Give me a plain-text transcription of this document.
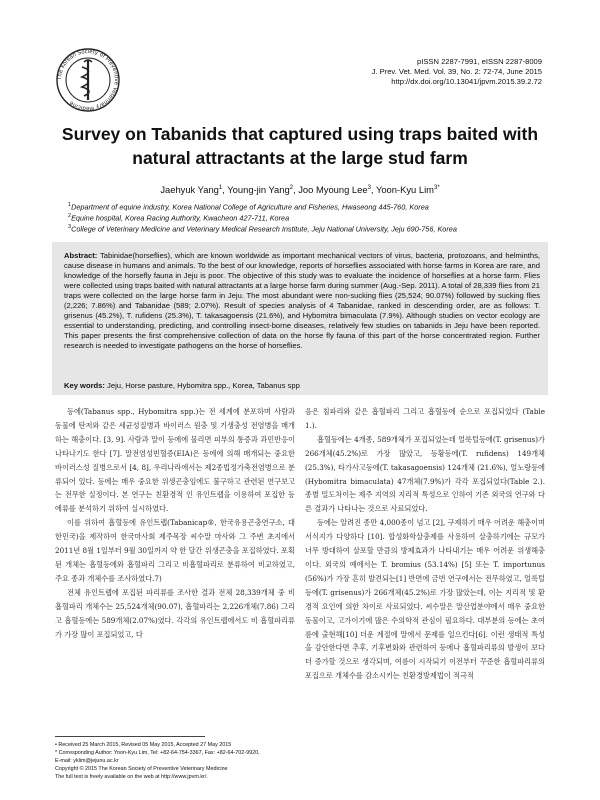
The Korean Society of Preventive Veterinary Medicine
pISSN 2287-7991, eISSN 2287-8009
J. Prev. Vet. Med. Vol. 39, No. 2: 72-74, June 2015
http://dx.doi.org/10.13041/jpvm.2015.39.2.72
Survey on Tabanids that captured using traps baited with
natural attractants at the large stud farm
Jaehyuk Yang$^1$, Young-jin Yang$^2$, Joo Myoung Lee$^3$, Yoon-Kyu Lim$^{3*}$
$^1$Department of equine industry, Korea National College of Agriculture and Fisheries, Hwaseong 445-760, Korea
$^2$Equine hospital, Korea Racing Authority, Kwacheon 427-711, Korea
$^3$College of Veterinary Medicine and Veterinary Medical Research Institute, Jeju National University, Jeju 690-756, Korea
Abstract: Tabinidae(horseflies), which are known worldwide as important mechanical vectors of virus, bacteria, protozoans, and helminths, cause disease in humans and animals. To the best of our knowledge, reports of horseflies associated with horse farms in Korea are rare, and knowledge of the horsefly fauna in Jeju is poor. The objective of this study was to evaluate the incidence of horseflies at a horse farm. Flies were collected using traps baited with natural attractants at a large horse farm during summer (Aug.-Sep. 2011). A total of 28,339 flies from 21 traps were collected on the large horse farm in Jeju. The most abundant were non-sucking flies (25,524; 90.07%) followed by sucking flies (2,226; 7.86%) and Tabanidae (589; 2.07%). Result of species analysis of 4 Tabanidae, ranked in descending order, are as follows: T. grisenus (45.2%), T. rufidens (25.3%), T. takasagoensis (21.6%), and Hybomitra bimaculata (7.9%). Although studies on vector ecology are essential to understanding, predicting, and controlling insect-borne diseases, relatively few studies on tabanids in Jeju have been reported. This paper presents the first comprehensive collection of data on the horse fly fauna of this part of the horse concentrated region. Further research is needed to investigate pathogens on the horse of horseflies.
Key words: Jeju, Horse pasture, Hybomitra spp., Korea, Tabanus spp

등에(Tabanus spp., Hybomitra spp.)는 전 세계에 분포하며 사람과 동물에 탄저와 같은 세균성질병과 바이러스 원충 및 기생충성 전염병을 매개하는 해충이다. [3, 9]. 사람과 말이 등에에 물리면 피부의 통증과 과민반응이 나타나기도 한다 [7]. 말전염성빈혈증(EIA)은 등에에 의해 매개되는 중요한 바이러스성 질병으로서 [4, 8], 우리나라에서는 제2종법정가축전염병으로 분류되어 있다. 등에는 매우 중요한 위생곤충임에도 불구하고 관련된 연구보고는 전무한 실정이다. 본 연구는 친환경적 인 유인트랩을 이용하여 포집한 등에류를 분석하기 위하여 실시하였다.

이를 위하여 흡혈등에 유인트랩(Tabanicap®, 한국유용곤충연구소, 대한민국)을 제작하여 한국마사회 제주목장 씨수말 마사와 그 주변 초지에서 2011년 8월 1일부터 9월 30일까지 약 한 달간 위생곤충을 포집하였다. 포획된 개체는 흡혈등에와 흡혈파리 그리고 비흡혈파리로 분류하여 비교하였고, 주요 종과 개체수를 조사하였다.7)

전체 유인트랩에 포집된 파리류를 조사한 결과 전체 28,339개체 중 비 흡혈파리 개체수는 25,524개체(90.07), 흡혈파리는 2,226개체(7.86) 그리고 흡혈등에는 589개체(2.07%)였다. 각각의 유인트랩에서도 비 흡혈파리류가 가장 많이 포집되었고, 다

음은 침파리와 같은 흡혈파리 그리고 흡혈등에 순으로 포집되었다 (Table 1.).

흡혈등에는 4개종, 589개체가 포집되었는데 얼룩털등에(T. grisenus)가 266개체(45.2%)로 가장 많았고, 등황등에(T. rufidens) 149개체 (25.3%), 타가사고등에(T. takasagoensis) 124개체 (21.6%), 얼노랑등에(Hybomitra bimaculata) 47개체(7.9%)가 각각 포집되었다(Table 2.). 종별 밀도차이는 제주 지역의 지리적 특성으로 인하여 기존 외국의 연구와 다른 결과가 나타나는 것으로 사료되었다.

등에는 알려진 종만 4,000종이 넘고 [2], 구제하기 매우 어려운 해충이며 서식지가 다양하다 [10]. 합성화학살충제를 사용하여 살충하기에는 규모가 너무 방대하여 살포할 만큼의 방제효과가 나타내기는 매우 어려운 위생해충이다. 외국의 예에서는 T. bromius (53.14%) [5] 또는 T. importunus (56%)가 가장 흔히 발견되는[1] 반면에 금번 연구에서는 전무하였고, 얼룩털등에(T. grisenus)가 266개체(45.2%)로 가장 많았는데, 이는 지리적 및 환경적 요인에 의한 차이로 사료되었다. 씨수말은 말산업분야에서 매우 중요한 동물이고, 고가이기에 많은 수의학적 관심이 필요하다. 대부분의 등에는 초여름에 출현해[10] 더운 계절에 말에서 문제를 일으킨다[6]. 이런 생태적 특성을 감안한다면 추후, 기후변화와 관련하여 등에나 흡혈파리류의 발생이 보다 더 증가할 것으로 생각되며, 여름이 시작되기 이전부터 꾸준한 흡혈파리류의포집으로 개체수를 감소시키는 친환경방제법이 적극적

• Received 25 March 2015, Revised 05 May 2015, Accepted 27 May 2015
* Corresponding Author: Yoon-Kyu Lim, Tel: +82-64-754-3367, Fax: +82-64-702-9920,
E-mail: yklim@jejunu.ac.kr
Copyright © 2015 The Korean Society of Preventive Veterinary Medicine
The full text is freely available on the web at http://www.jpvm.kr/.
